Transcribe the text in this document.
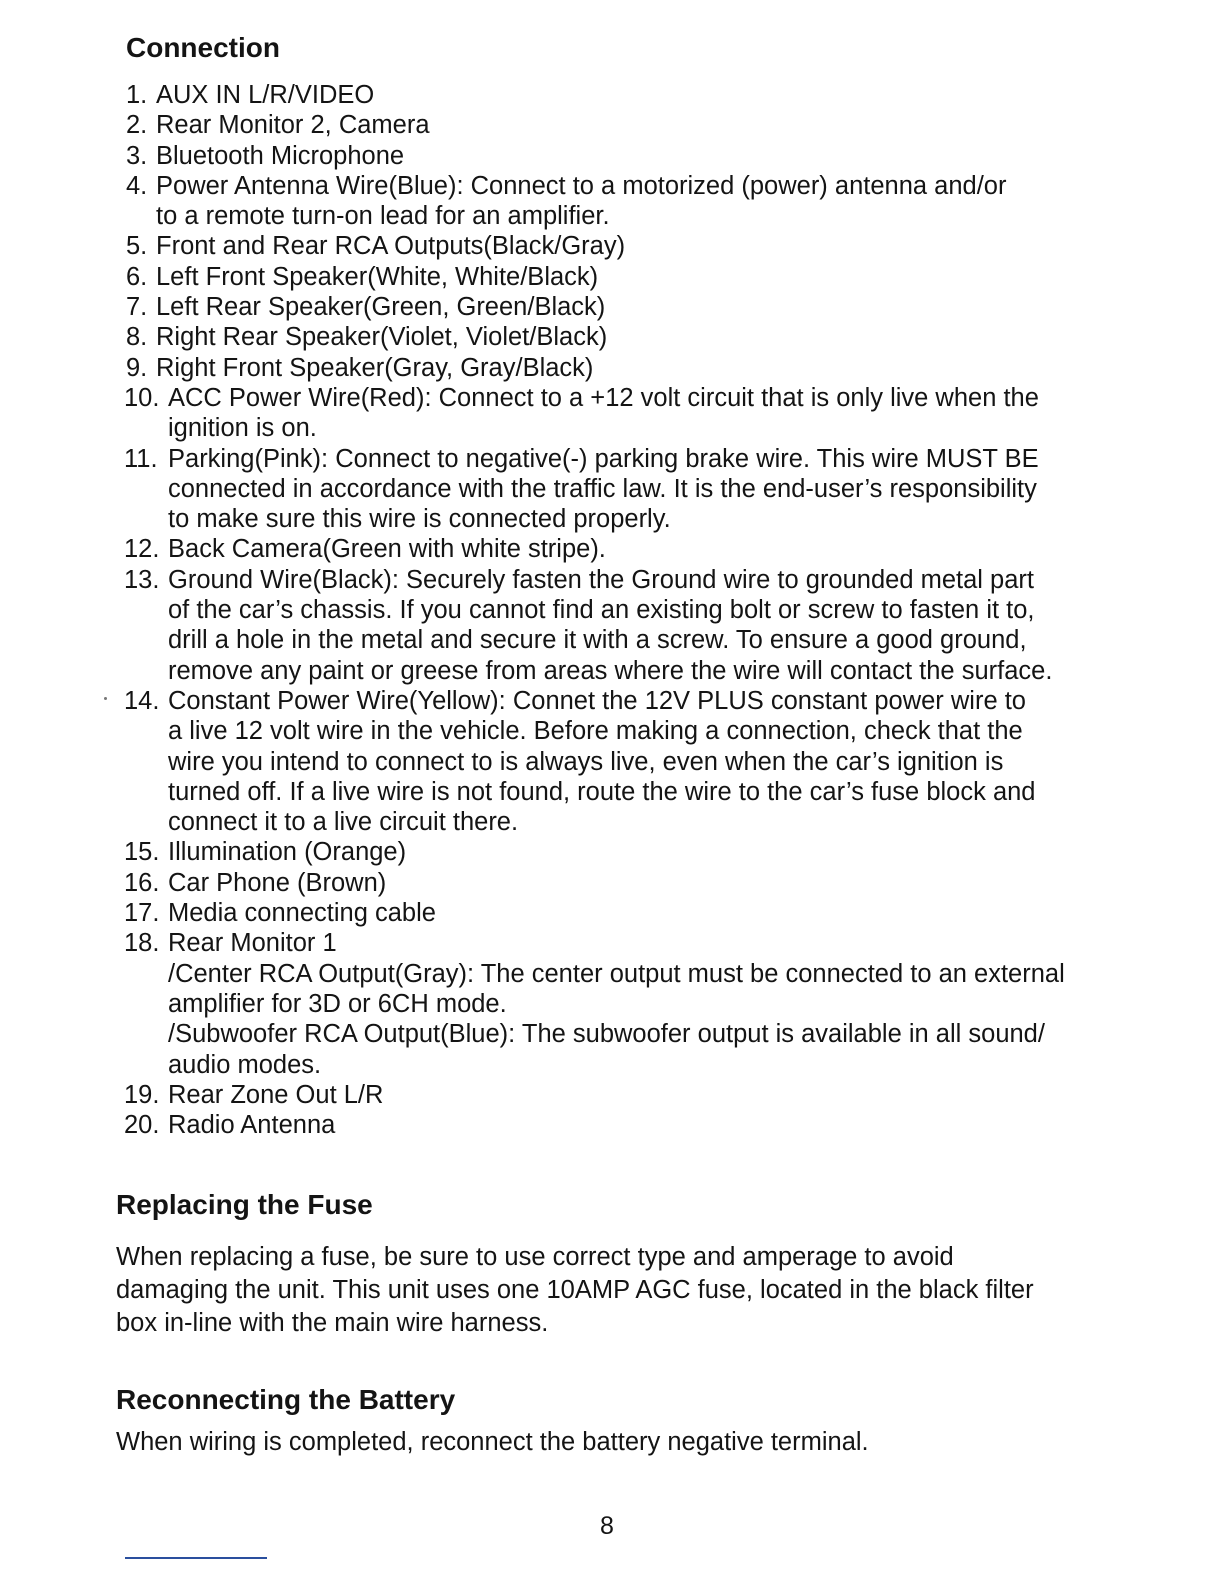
Connection
1. AUX IN L/R/VIDEO
2. Rear Monitor 2, Camera
3. Bluetooth Microphone
4. Power Antenna Wire(Blue): Connect to a motorized (power) antenna and/or
to a remote turn-on lead for an amplifier.
5. Front and Rear RCA Outputs(Black/Gray)
6. Left Front Speaker(White, White/Black)
7. Left Rear Speaker(Green, Green/Black)
8. Right Rear Speaker(Violet, Violet/Black)
9. Right Front Speaker(Gray, Gray/Black)
10. ACC Power Wire(Red): Connect to a +12 volt circuit that is only live when the
ignition is on.
11. Parking(Pink): Connect to negative(-) parking brake wire. This wire MUST BE
connected in accordance with the traffic law. It is the end-user’s responsibility
to make sure this wire is connected properly.
12. Back Camera(Green with white stripe).
13. Ground Wire(Black): Securely fasten the Ground wire to grounded metal part
of the car’s chassis. If you cannot find an existing bolt or screw to fasten it to,
drill a hole in the metal and secure it with a screw. To ensure a good ground,
remove any paint or greese from areas where the wire will contact the surface.
14. Constant Power Wire(Yellow): Connet the 12V PLUS constant power wire to
a live 12 volt wire in the vehicle. Before making a connection, check that the
wire you intend to connect to is always live, even when the car’s ignition is
turned off. If a live wire is not found, route the wire to the car’s fuse block and
connect it to a live circuit there.
15. Illumination (Orange)
16. Car Phone (Brown)
17. Media connecting cable
18. Rear Monitor 1
/Center RCA Output(Gray): The center output must be connected to an external
amplifier for 3D or 6CH mode.
/Subwoofer RCA Output(Blue): The subwoofer output is available in all sound/
audio modes.
19. Rear Zone Out L/R
20. Radio Antenna
Replacing the Fuse

When replacing a fuse, be sure to use correct type and amperage to avoid
damaging the unit. This unit uses one 10AMP AGC fuse, located in the black filter
box in-line with the main wire harness.

Reconnecting the Battery

When wiring is completed, reconnect the battery negative terminal.

8
